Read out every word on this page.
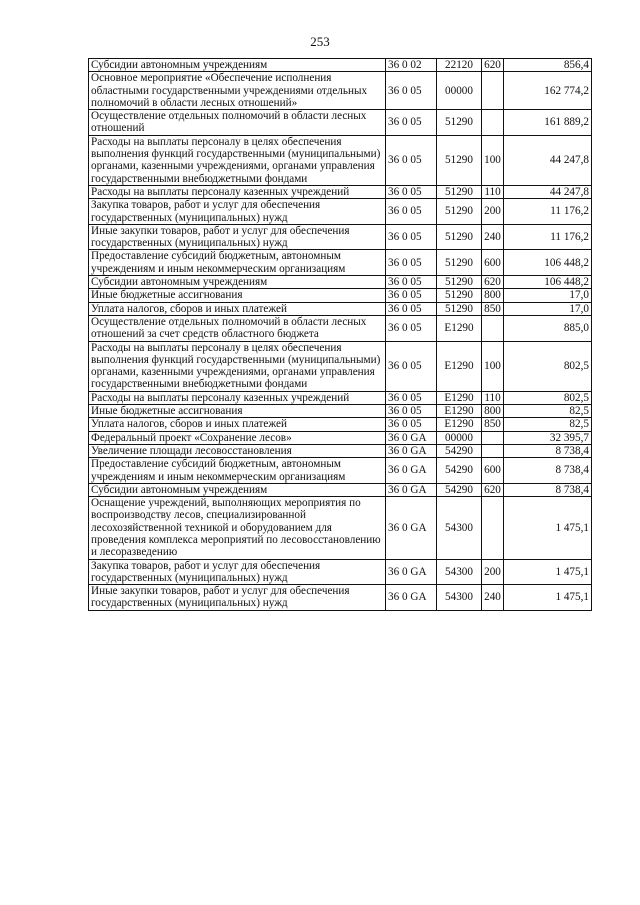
253
Субсидии автономным учреждениям	36 0 02	22120	620	856,4
Основное мероприятие «Обеспечение исполнения областными государственными учреждениями отдельных полномочий в области лесных отношений»	36 0 05	00000		162 774,2
Осуществление отдельных полномочий в области лесных отношений	36 0 05	51290		161 889,2
Расходы на выплаты персоналу в целях обеспечения выполнения функций государственными (муниципальными) органами, казенными учреждениями, органами управления государственными внебюджетными фондами	36 0 05	51290	100	44 247,8
Расходы на выплаты персоналу казенных учреждений	36 0 05	51290	110	44 247,8
Закупка товаров, работ и услуг для обеспечения государственных (муниципальных) нужд	36 0 05	51290	200	11 176,2
Иные закупки товаров, работ и услуг для обеспечения государственных (муниципальных) нужд	36 0 05	51290	240	11 176,2
Предоставление субсидий бюджетным, автономным учреждениям и иным некоммерческим организациям	36 0 05	51290	600	106 448,2
Субсидии автономным учреждениям	36 0 05	51290	620	106 448,2
Иные бюджетные ассигнования	36 0 05	51290	800	17,0
Уплата налогов, сборов и иных платежей	36 0 05	51290	850	17,0
Осуществление отдельных полномочий в области лесных отношений за счет средств областного бюджета	36 0 05	E1290		885,0
Расходы на выплаты персоналу в целях обеспечения выполнения функций государственными (муниципальными) органами, казенными учреждениями, органами управления государственными внебюджетными фондами	36 0 05	E1290	100	802,5
Расходы на выплаты персоналу казенных учреждений	36 0 05	E1290	110	802,5
Иные бюджетные ассигнования	36 0 05	E1290	800	82,5
Уплата налогов, сборов и иных платежей	36 0 05	E1290	850	82,5
Федеральный проект «Сохранение лесов»	36 0 GA	00000		32 395,7
Увеличение площади лесовосстановления	36 0 GA	54290		8 738,4
Предоставление субсидий бюджетным, автономным учреждениям и иным некоммерческим организациям	36 0 GA	54290	600	8 738,4
Субсидии автономным учреждениям	36 0 GA	54290	620	8 738,4
Оснащение учреждений, выполняющих мероприятия по воспроизводству лесов, специализированной лесохозяйственной техникой и оборудованием для проведения комплекса мероприятий по лесовосстановлению и лесоразведению	36 0 GA	54300		1 475,1
Закупка товаров, работ и услуг для обеспечения государственных (муниципальных) нужд	36 0 GA	54300	200	1 475,1
Иные закупки товаров, работ и услуг для обеспечения государственных (муниципальных) нужд	36 0 GA	54300	240	1 475,1
